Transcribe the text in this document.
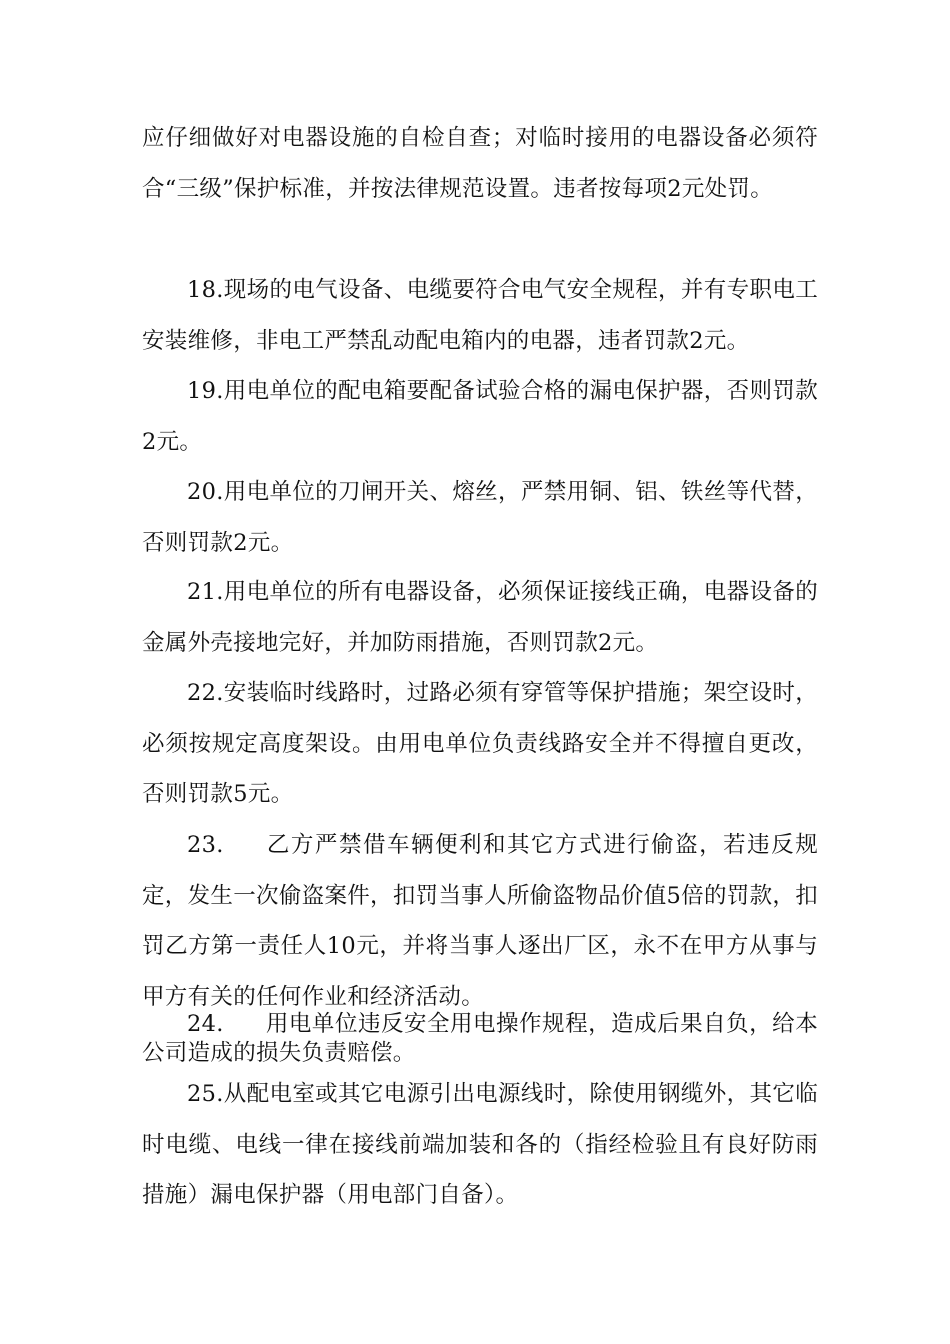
应仔细做好对电器设施的自检自查；对临时接用的电器设备必须符合“三级”保护标准，并按法律规范设置。违者按每项2元处罚。

18.现场的电气设备、电缆要符合电气安全规程，并有专职电工安装维修，非电工严禁乱动配电箱内的电器，违者罚款2元。

19.用电单位的配电箱要配备试验合格的漏电保护器，否则罚款2元。

20.用电单位的刀闸开关、熔丝，严禁用铜、铝、铁丝等代替，否则罚款2元。

21.用电单位的所有电器设备，必须保证接线正确，电器设备的金属外壳接地完好，并加防雨措施，否则罚款2元。

22.安装临时线路时，过路必须有穿管等保护措施；架空设时，必须按规定高度架设。由用电单位负责线路安全并不得擅自更改，否则罚款5元。

23. 乙方严禁借车辆便利和其它方式进行偷盗，若违反规定，发生一次偷盗案件，扣罚当事人所偷盗物品价值5倍的罚款，扣罚乙方第一责任人10元，并将当事人逐出厂区，永不在甲方从事与甲方有关的任何作业和经济活动。

24. 用电单位违反安全用电操作规程，造成后果自负，给本公司造成的损失负责赔偿。

25.从配电室或其它电源引出电源线时，除使用钢缆外，其它临时电缆、电线一律在接线前端加装和各的（指经检验且有良好防雨措施）漏电保护器（用电部门自备）。
